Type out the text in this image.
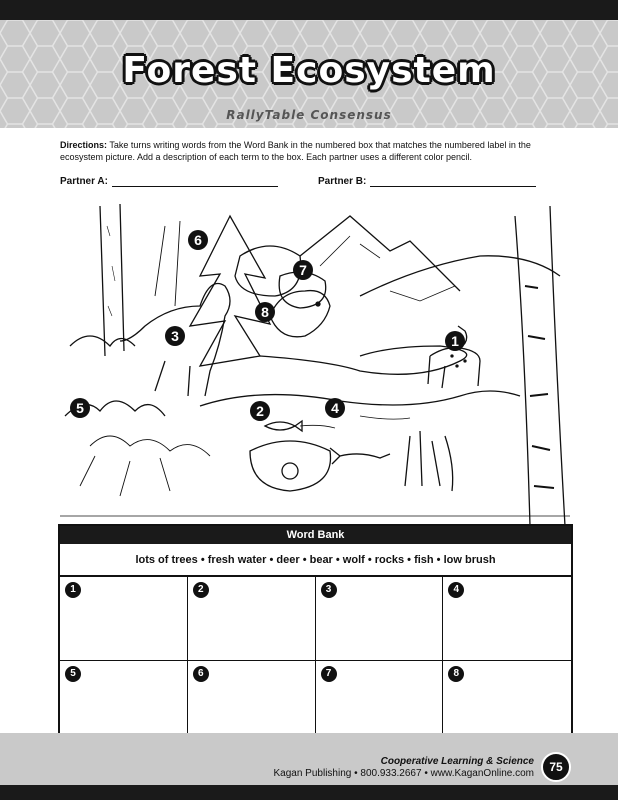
Forest Ecosystem
RallyTable Consensus
Directions: Take turns writing words from the Word Bank in the numbered box that matches the numbered label in the ecosystem picture. Add a description of each term to the box. Each partner uses a different color pencil.
Partner A:	Partner B:
1
2
3
4
5
6
7
8
Word Bank
lots of trees • fresh water • deer • bear • wolf • rocks • fish • low brush
1	2	3	4
5	6	7	8
Cooperative Learning & Science
Kagan Publishing • 800.933.2667 • www.KaganOnline.com	75
